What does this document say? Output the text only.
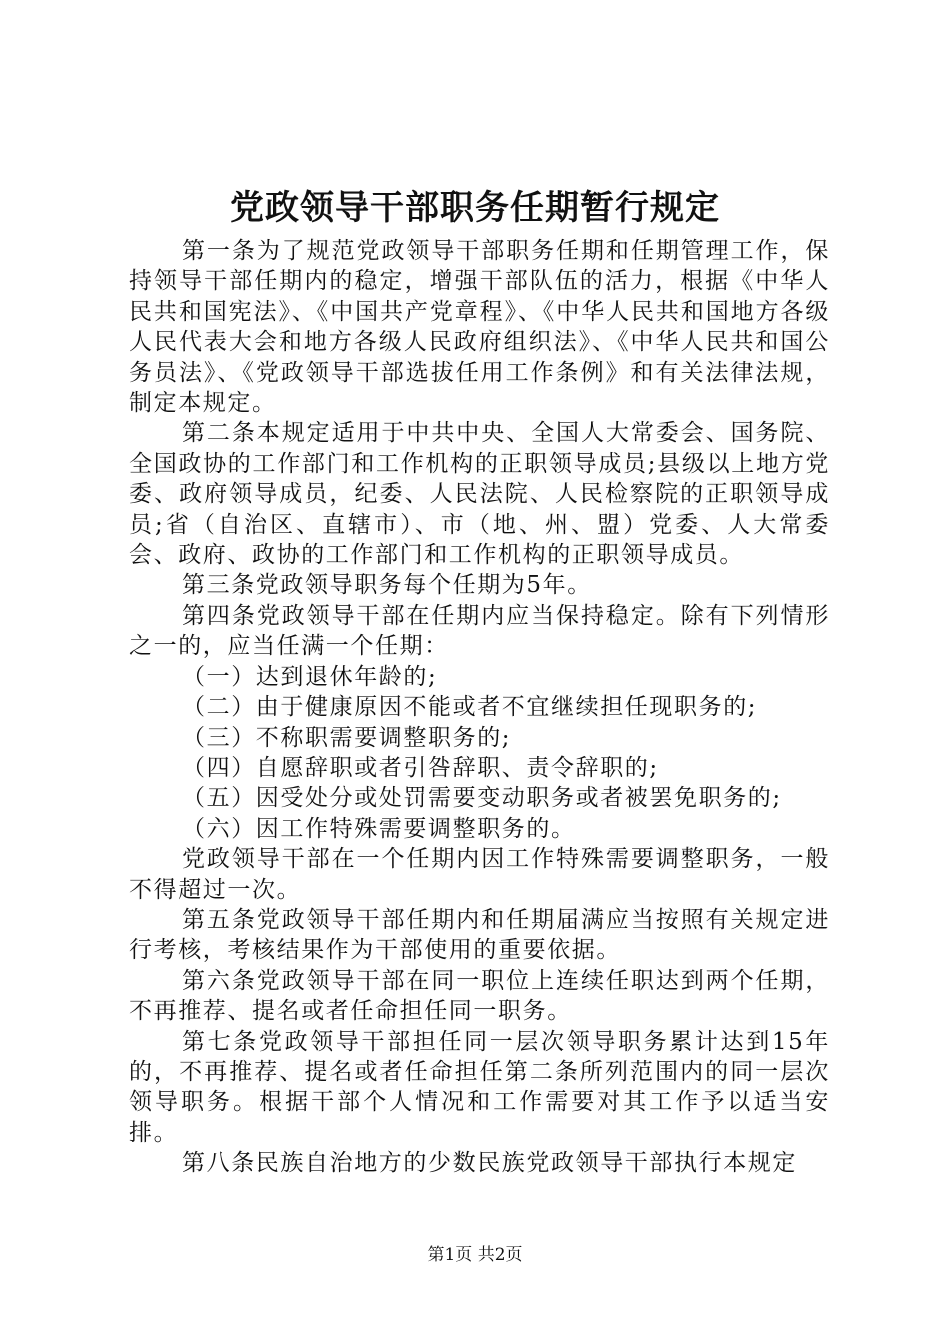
党政领导干部职务任期暂行规定

第一条为了规范党政领导干部职务任期和任期管理工作，保持领导干部任期内的稳定，增强干部队伍的活力，根据《中华人民共和国宪法》、《中国共产党章程》、《中华人民共和国地方各级人民代表大会和地方各级人民政府组织法》、《中华人民共和国公务员法》、《党政领导干部选拔任用工作条例》和有关法律法规，制定本规定。

第二条本规定适用于中共中央、全国人大常委会、国务院、全国政协的工作部门和工作机构的正职领导成员;县级以上地方党委、政府领导成员，纪委、人民法院、人民检察院的正职领导成员;省（自治区、直辖市）、市（地、州、盟）党委、人大常委会、政府、政协的工作部门和工作机构的正职领导成员。

第三条党政领导职务每个任期为5年。

第四条党政领导干部在任期内应当保持稳定。除有下列情形之一的，应当任满一个任期：

（一）达到退休年龄的;

（二）由于健康原因不能或者不宜继续担任现职务的;

（三）不称职需要调整职务的;

（四）自愿辞职或者引咎辞职、责令辞职的;

（五）因受处分或处罚需要变动职务或者被罢免职务的;

（六）因工作特殊需要调整职务的。

党政领导干部在一个任期内因工作特殊需要调整职务，一般不得超过一次。

第五条党政领导干部任期内和任期届满应当按照有关规定进行考核，考核结果作为干部使用的重要依据。

第六条党政领导干部在同一职位上连续任职达到两个任期，不再推荐、提名或者任命担任同一职务。

第七条党政领导干部担任同一层次领导职务累计达到15年的，不再推荐、提名或者任命担任第二条所列范围内的同一层次领导职务。根据干部个人情况和工作需要对其工作予以适当安排。

第八条民族自治地方的少数民族党政领导干部执行本规定

第1页 共2页
